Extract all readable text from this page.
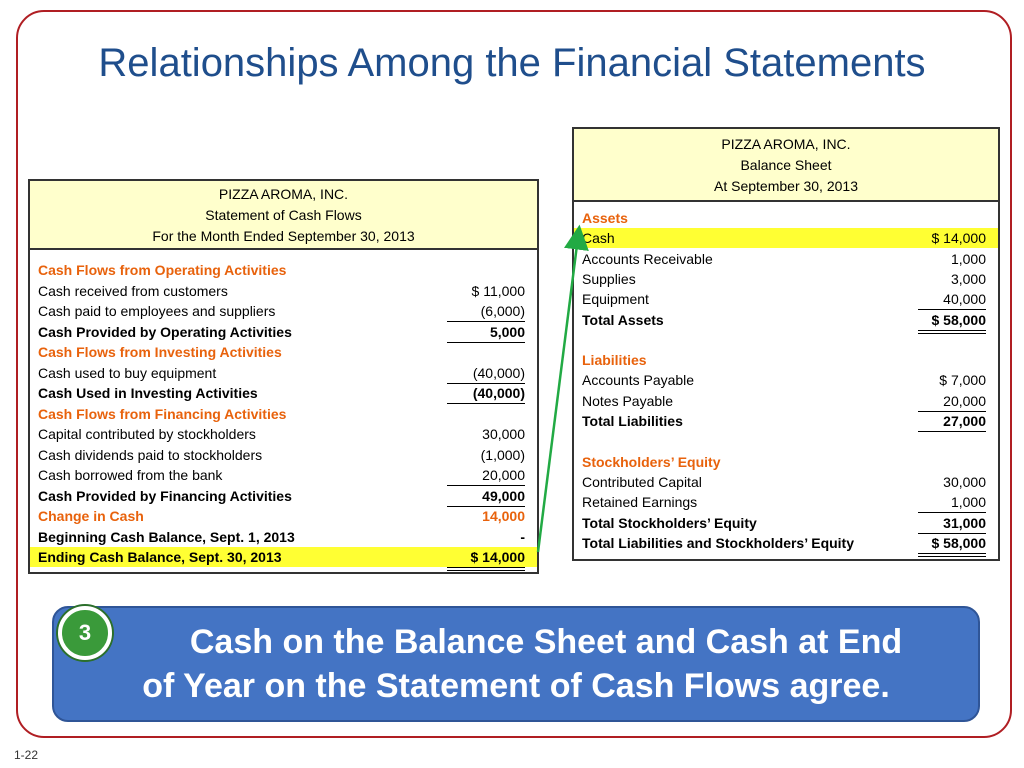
Relationships Among the Financial Statements
PIZZA AROMA, INC.
Statement of Cash Flows
For the Month Ended September 30, 2013
Cash Flows from Operating Activities
Cash received from customers	$ 11,000
Cash paid to employees and suppliers	(6,000)
Cash Provided by Operating Activities	5,000
Cash Flows from Investing Activities
Cash used to buy equipment	(40,000)
Cash Used in Investing Activities	(40,000)
Cash Flows from Financing Activities
Capital contributed by stockholders	30,000
Cash dividends paid to stockholders	(1,000)
Cash borrowed from the bank	20,000
Cash Provided by Financing Activities	49,000
Change in Cash	14,000
Beginning Cash Balance, Sept. 1, 2013	-
Ending Cash Balance, Sept. 30, 2013	$ 14,000
PIZZA AROMA, INC.
Balance Sheet
At September 30, 2013
Assets
Cash	$ 14,000
Accounts Receivable	1,000
Supplies	3,000
Equipment	40,000
Total Assets	$ 58,000
Liabilities
Accounts Payable	$ 7,000
Notes Payable	20,000
Total Liabilities	27,000
Stockholders’ Equity
Contributed Capital	30,000
Retained Earnings	1,000
Total Stockholders’ Equity	31,000
Total Liabilities and Stockholders’ Equity	$ 58,000
Cash on the Balance Sheet and Cash at End
of Year on the Statement of Cash Flows agree.
3
1-22
